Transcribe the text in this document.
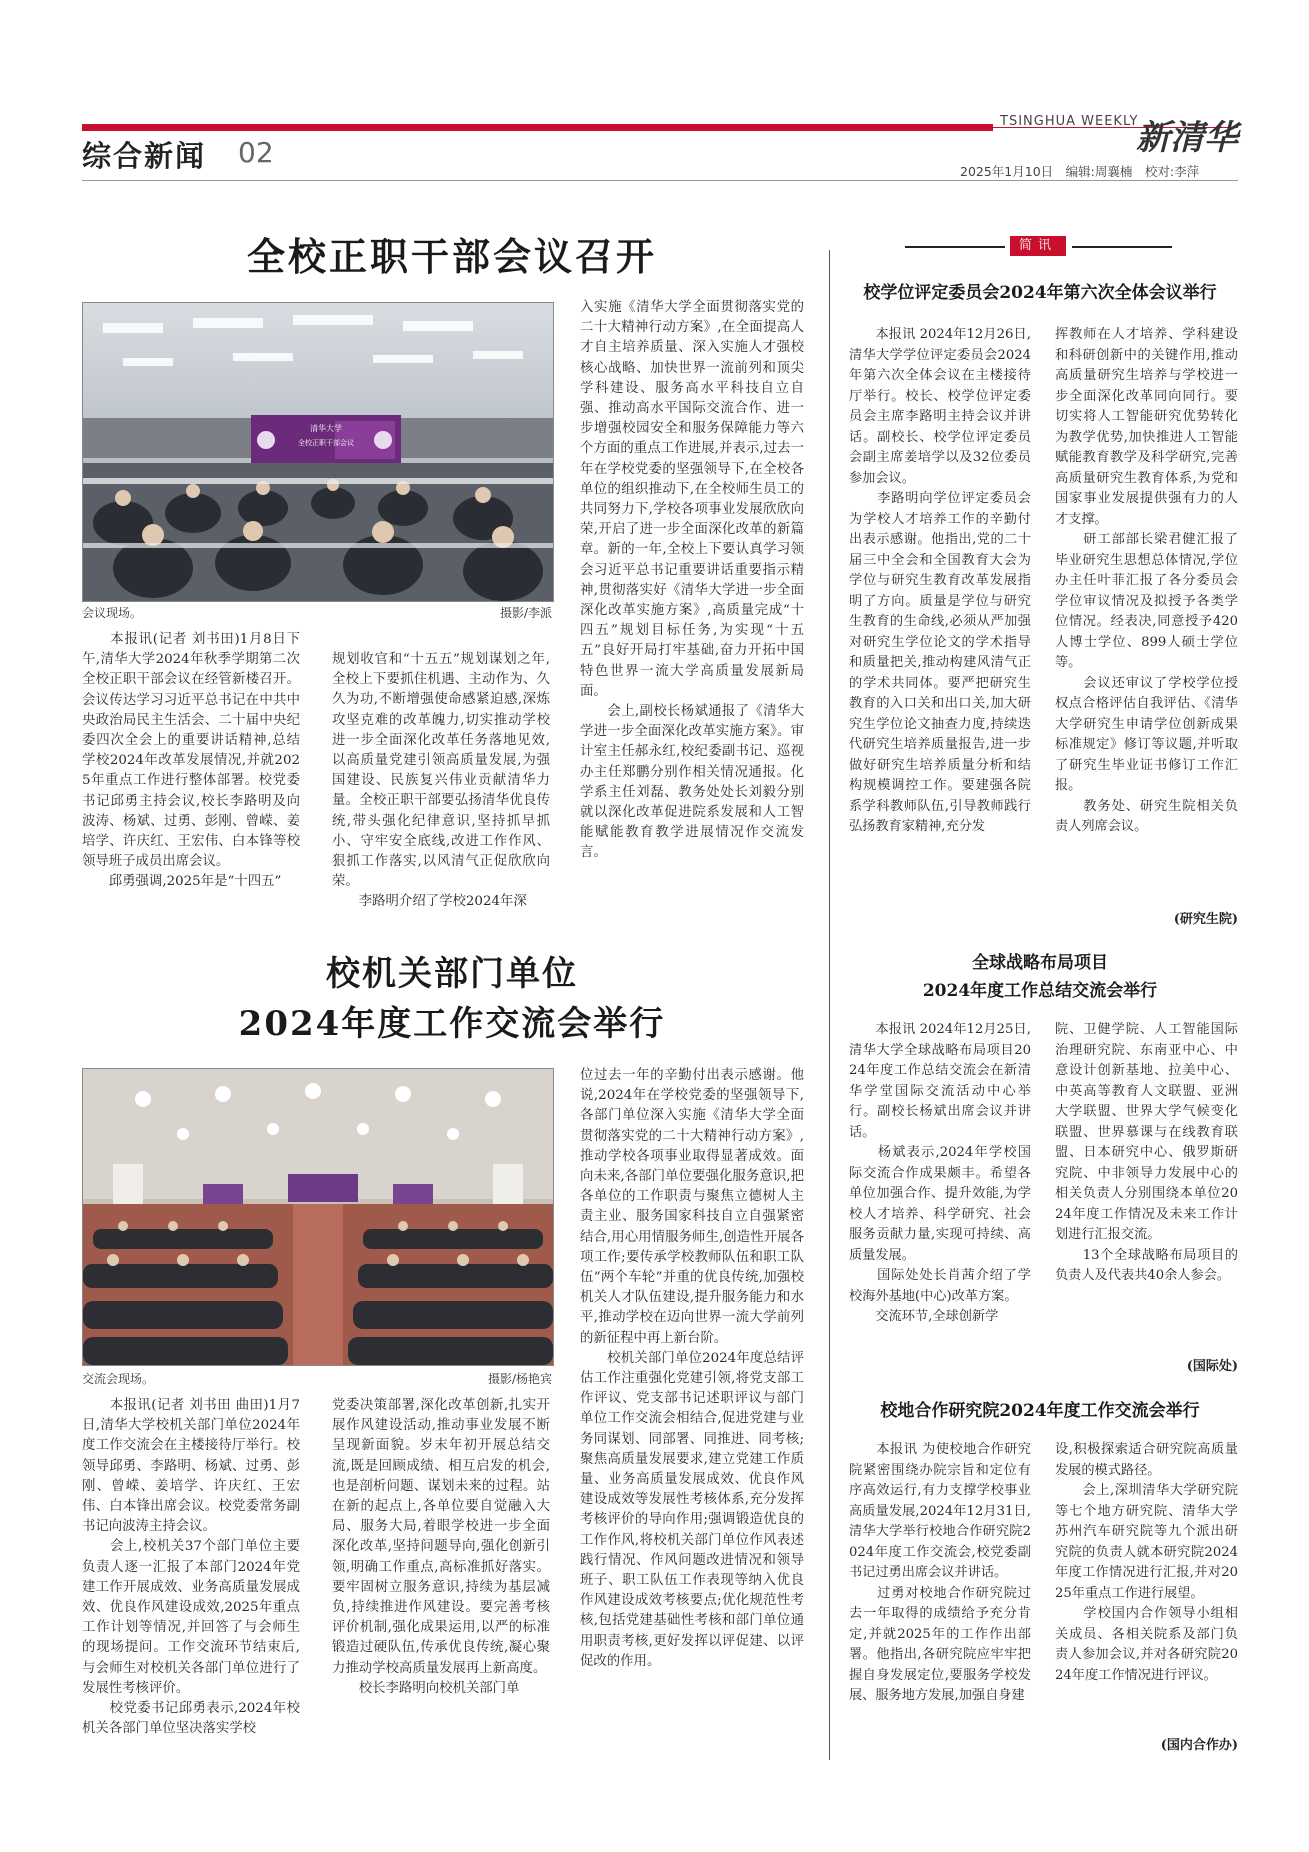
TSINGHUA WEEKLY
新清华
综合新闻 02
2025年1月10日　编辑:周襄楠　校对:李萍
全校正职干部会议召开
清华大学
全校正职干部会议
会议现场。	摄影/李派
　　本报讯(记者 刘书田)1月8日下午,清华大学2024年秋季学期第二次全校正职干部会议在经管新楼召开。会议传达学习习近平总书记在中共中央政治局民主生活会、二十届中央纪委四次全会上的重要讲话精神,总结学校2024年改革发展情况,并就2025年重点工作进行整体部署。校党委书记邱勇主持会议,校长李路明及向波涛、杨斌、过勇、彭刚、曾嵘、姜培学、许庆红、王宏伟、白本锋等校领导班子成员出席会议。
　　邱勇强调,2025年是“十四五”
规划收官和“十五五”规划谋划之年,全校上下要抓住机遇、主动作为、久久为功,不断增强使命感紧迫感,深炼攻坚克难的改革魄力,切实推动学校进一步全面深化改革任务落地见效,以高质量党建引领高质量发展,为强国建设、民族复兴伟业贡献清华力量。全校正职干部要弘扬清华优良传统,带头强化纪律意识,坚持抓早抓小、守牢安全底线,改进工作作风、狠抓工作落实,以风清气正促欣欣向荣。
　　李路明介绍了学校2024年深
入实施《清华大学全面贯彻落实党的二十大精神行动方案》,在全面提高人才自主培养质量、深入实施人才强校核心战略、加快世界一流前列和顶尖学科建设、服务高水平科技自立自强、推动高水平国际交流合作、进一步增强校园安全和服务保障能力等六个方面的重点工作进展,并表示,过去一年在学校党委的坚强领导下,在全校各单位的组织推动下,在全校师生员工的共同努力下,学校各项事业发展欣欣向荣,开启了进一步全面深化改革的新篇章。新的一年,全校上下要认真学习领会习近平总书记重要讲话重要指示精神,贯彻落实好《清华大学进一步全面深化改革实施方案》,高质量完成“十四五”规划目标任务,为实现“十五五”良好开局打牢基础,奋力开拓中国特色世界一流大学高质量发展新局面。
　　会上,副校长杨斌通报了《清华大学进一步全面深化改革实施方案》。审计室主任郝永红,校纪委副书记、巡视办主任郑鹏分别作相关情况通报。化学系主任刘磊、教务处处长刘毅分别就以深化改革促进院系发展和人工智能赋能教育教学进展情况作交流发言。
校机关部门单位
2024年度工作交流会举行
交流会现场。	摄影/杨艳宾
　　本报讯(记者 刘书田 曲田)1月7日,清华大学校机关部门单位2024年度工作交流会在主楼接待厅举行。校领导邱勇、李路明、杨斌、过勇、彭刚、曾嵘、姜培学、许庆红、王宏伟、白本锋出席会议。校党委常务副书记向波涛主持会议。
　　会上,校机关37个部门单位主要负责人逐一汇报了本部门2024年党建工作开展成效、业务高质量发展成效、优良作风建设成效,2025年重点工作计划等情况,并回答了与会师生的现场提问。工作交流环节结束后,与会师生对校机关各部门单位进行了发展性考核评价。
　　校党委书记邱勇表示,2024年校机关各部门单位坚决落实学校
党委决策部署,深化改革创新,扎实开展作风建设活动,推动事业发展不断呈现新面貌。岁末年初开展总结交流,既是回顾成绩、相互启发的机会,也是剖析问题、谋划未来的过程。站在新的起点上,各单位要自觉融入大局、服务大局,着眼学校进一步全面深化改革,坚持问题导向,强化创新引领,明确工作重点,高标准抓好落实。要牢固树立服务意识,持续为基层减负,持续推进作风建设。要完善考核评价机制,强化成果运用,以严的标准锻造过硬队伍,传承优良传统,凝心聚力推动学校高质量发展再上新高度。
　　校长李路明向校机关部门单
位过去一年的辛勤付出表示感谢。他说,2024年在学校党委的坚强领导下,各部门单位深入实施《清华大学全面贯彻落实党的二十大精神行动方案》,推动学校各项事业取得显著成效。面向未来,各部门单位要强化服务意识,把各单位的工作职责与聚焦立德树人主责主业、服务国家科技自立自强紧密结合,用心用情服务师生,创造性开展各项工作;要传承学校教师队伍和职工队伍“两个车轮”并重的优良传统,加强校机关人才队伍建设,提升服务能力和水平,推动学校在迈向世界一流大学前列的新征程中再上新台阶。
　　校机关部门单位2024年度总结评估工作注重强化党建引领,将党支部工作评议、党支部书记述职评议与部门单位工作交流会相结合,促进党建与业务同谋划、同部署、同推进、同考核;聚焦高质量发展要求,建立党建工作质量、业务高质量发展成效、优良作风建设成效等发展性考核体系,充分发挥考核评价的导向作用;强调锻造优良的工作作风,将校机关部门单位作风表述践行情况、作风问题改进情况和领导班子、职工队伍工作表现等纳入优良作风建设成效考核要点;优化规范性考核,包括党建基础性考核和部门单位通用职责考核,更好发挥以评促建、以评促改的作用。
简讯
校学位评定委员会2024年第六次全体会议举行
　　本报讯 2024年12月26日,清华大学学位评定委员会2024年第六次全体会议在主楼接待厅举行。校长、校学位评定委员会主席李路明主持会议并讲话。副校长、校学位评定委员会副主席姜培学以及32位委员参加会议。
　　李路明向学位评定委员会为学校人才培养工作的辛勤付出表示感谢。他指出,党的二十届三中全会和全国教育大会为学位与研究生教育改革发展指明了方向。质量是学位与研究生教育的生命线,必须从严加强对研究生学位论文的学术指导和质量把关,推动构建风清气正的学术共同体。要严把研究生教育的入口关和出口关,加大研究生学位论文抽查力度,持续迭代研究生培养质量报告,进一步做好研究生培养质量分析和结构规模调控工作。要建强各院系学科教师队伍,引导教师践行弘扬教育家精神,充分发
挥教师在人才培养、学科建设和科研创新中的关键作用,推动高质量研究生培养与学校进一步全面深化改革同向同行。要切实将人工智能研究优势转化为教学优势,加快推进人工智能赋能教育教学及科学研究,完善高质量研究生教育体系,为党和国家事业发展提供强有力的人才支撑。
　　研工部部长梁君健汇报了毕业研究生思想总体情况,学位办主任叶菲汇报了各分委员会学位审议情况及拟授予各类学位情况。经表决,同意授予420人博士学位、899人硕士学位等。
　　会议还审议了学校学位授权点合格评估自我评估、《清华大学研究生申请学位创新成果标准规定》修订等议题,并听取了研究生毕业证书修订工作汇报。
　　教务处、研究生院相关负责人列席会议。
(研究生院)
全球战略布局项目
2024年度工作总结交流会举行
　　本报讯 2024年12月25日,清华大学全球战略布局项目2024年度工作总结交流会在新清华学堂国际交流活动中心举行。副校长杨斌出席会议并讲话。
　　杨斌表示,2024年学校国际交流合作成果颇丰。希望各单位加强合作、提升效能,为学校人才培养、科学研究、社会服务贡献力量,实现可持续、高质量发展。
　　国际处处长肖茜介绍了学校海外基地(中心)改革方案。
　　交流环节,全球创新学
院、卫健学院、人工智能国际治理研究院、东南亚中心、中意设计创新基地、拉美中心、中英高等教育人文联盟、亚洲大学联盟、世界大学气候变化联盟、世界慕课与在线教育联盟、日本研究中心、俄罗斯研究院、中非领导力发展中心的相关负责人分别围绕本单位2024年度工作情况及未来工作计划进行汇报交流。
　　13个全球战略布局项目的负责人及代表共40余人参会。
(国际处)
校地合作研究院2024年度工作交流会举行
　　本报讯 为使校地合作研究院紧密围绕办院宗旨和定位有序高效运行,有力支撑学校事业高质量发展,2024年12月31日,清华大学举行校地合作研究院2024年度工作交流会,校党委副书记过勇出席会议并讲话。
　　过勇对校地合作研究院过去一年取得的成绩给予充分肯定,并就2025年的工作作出部署。他指出,各研究院应牢牢把握自身发展定位,要服务学校发展、服务地方发展,加强自身建
设,积极探索适合研究院高质量发展的模式路径。
　　会上,深圳清华大学研究院等七个地方研究院、清华大学苏州汽车研究院等九个派出研究院的负责人就本研究院2024年度工作情况进行汇报,并对2025年重点工作进行展望。
　　学校国内合作领导小组相关成员、各相关院系及部门负责人参加会议,并对各研究院2024年度工作情况进行评议。
(国内合作办)
